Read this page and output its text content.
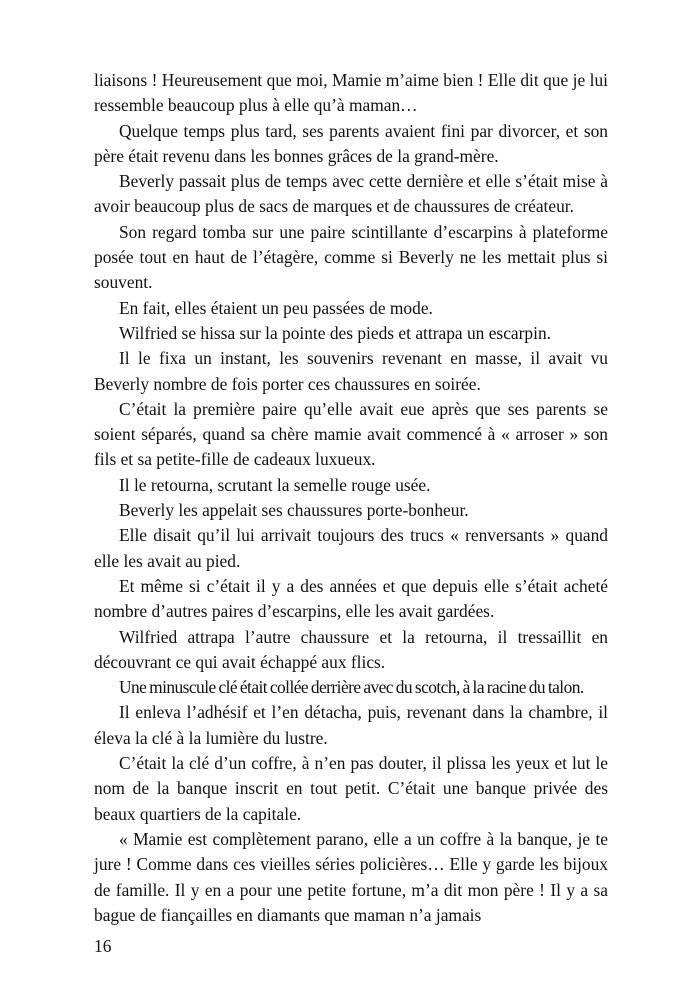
liaisons ! Heureusement que moi, Mamie m’aime bien ! Elle dit que je lui ressemble beaucoup plus à elle qu’à maman…

Quelque temps plus tard, ses parents avaient fini par divorcer, et son père était revenu dans les bonnes grâces de la grand-mère.

Beverly passait plus de temps avec cette dernière et elle s’était mise à avoir beaucoup plus de sacs de marques et de chaussures de créateur.

Son regard tomba sur une paire scintillante d’escarpins à plateforme posée tout en haut de l’étagère, comme si Beverly ne les mettait plus si souvent.

En fait, elles étaient un peu passées de mode.

Wilfried se hissa sur la pointe des pieds et attrapa un escarpin.

Il le fixa un instant, les souvenirs revenant en masse, il avait vu Beverly nombre de fois porter ces chaussures en soirée.

C’était la première paire qu’elle avait eue après que ses parents se soient séparés, quand sa chère mamie avait commencé à « arroser » son fils et sa petite-fille de cadeaux luxueux.

Il le retourna, scrutant la semelle rouge usée.

Beverly les appelait ses chaussures porte-bonheur.

Elle disait qu’il lui arrivait toujours des trucs « renversants » quand elle les avait au pied.

Et même si c’était il y a des années et que depuis elle s’était acheté nombre d’autres paires d’escarpins, elle les avait gardées.

Wilfried attrapa l’autre chaussure et la retourna, il tressaillit en découvrant ce qui avait échappé aux flics.

Une minuscule clé était collée derrière avec du scotch, à la racine du talon.

Il enleva l’adhésif et l’en détacha, puis, revenant dans la chambre, il éleva la clé à la lumière du lustre.

C’était la clé d’un coffre, à n’en pas douter, il plissa les yeux et lut le nom de la banque inscrit en tout petit. C’était une banque privée des beaux quartiers de la capitale.

« Mamie est complètement parano, elle a un coffre à la banque, je te jure ! Comme dans ces vieilles séries policières… Elle y garde les bijoux de famille. Il y en a pour une petite fortune, m’a dit mon père ! Il y a sa bague de fiançailles en diamants que maman n’a jamais

16
